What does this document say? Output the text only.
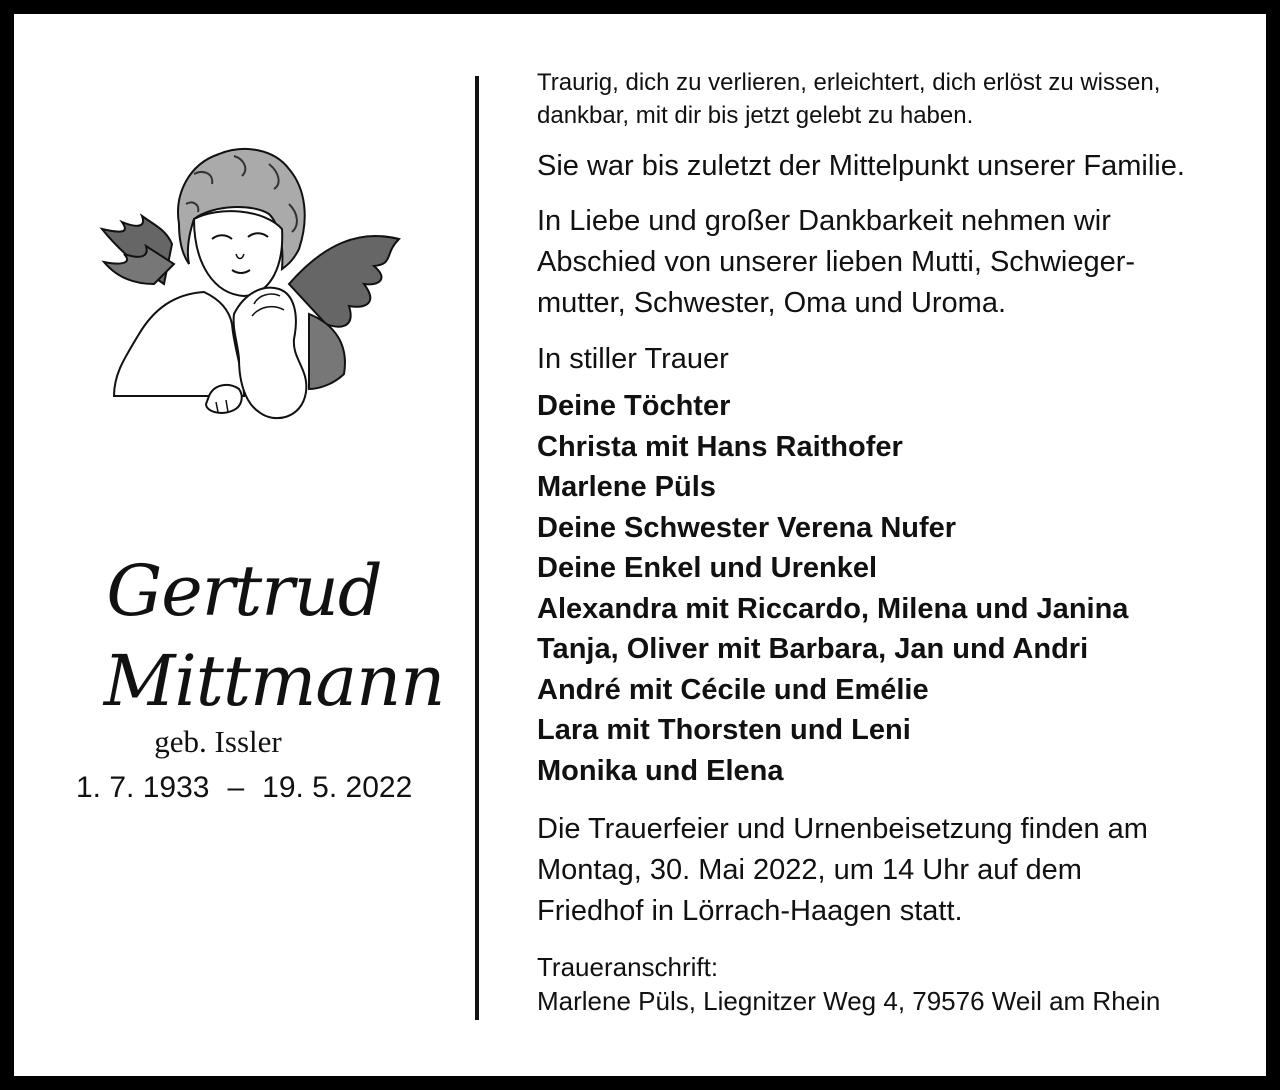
Gertrud
Mittmann
geb. Issler
1. 7. 1933 – 19. 5. 2022

Traurig, dich zu verlieren, erleichtert, dich erlöst zu wissen,
dankbar, mit dir bis jetzt gelebt zu haben.

Sie war bis zuletzt der Mittelpunkt unserer Familie.

In Liebe und großer Dankbarkeit nehmen wir
Abschied von unserer lieben Mutti, Schwieger-
mutter, Schwester, Oma und Uroma.

In stiller Trauer

Deine Töchter
Christa mit Hans Raithofer
Marlene Püls
Deine Schwester Verena Nufer
Deine Enkel und Urenkel
Alexandra mit Riccardo, Milena und Janina
Tanja, Oliver mit Barbara, Jan und Andri
André mit Cécile und Emélie
Lara mit Thorsten und Leni
Monika und Elena

Die Trauerfeier und Urnenbeisetzung finden am
Montag, 30. Mai 2022, um 14 Uhr auf dem
Friedhof in Lörrach-Haagen statt.

Traueranschrift:
Marlene Püls, Liegnitzer Weg 4, 79576 Weil am Rhein
